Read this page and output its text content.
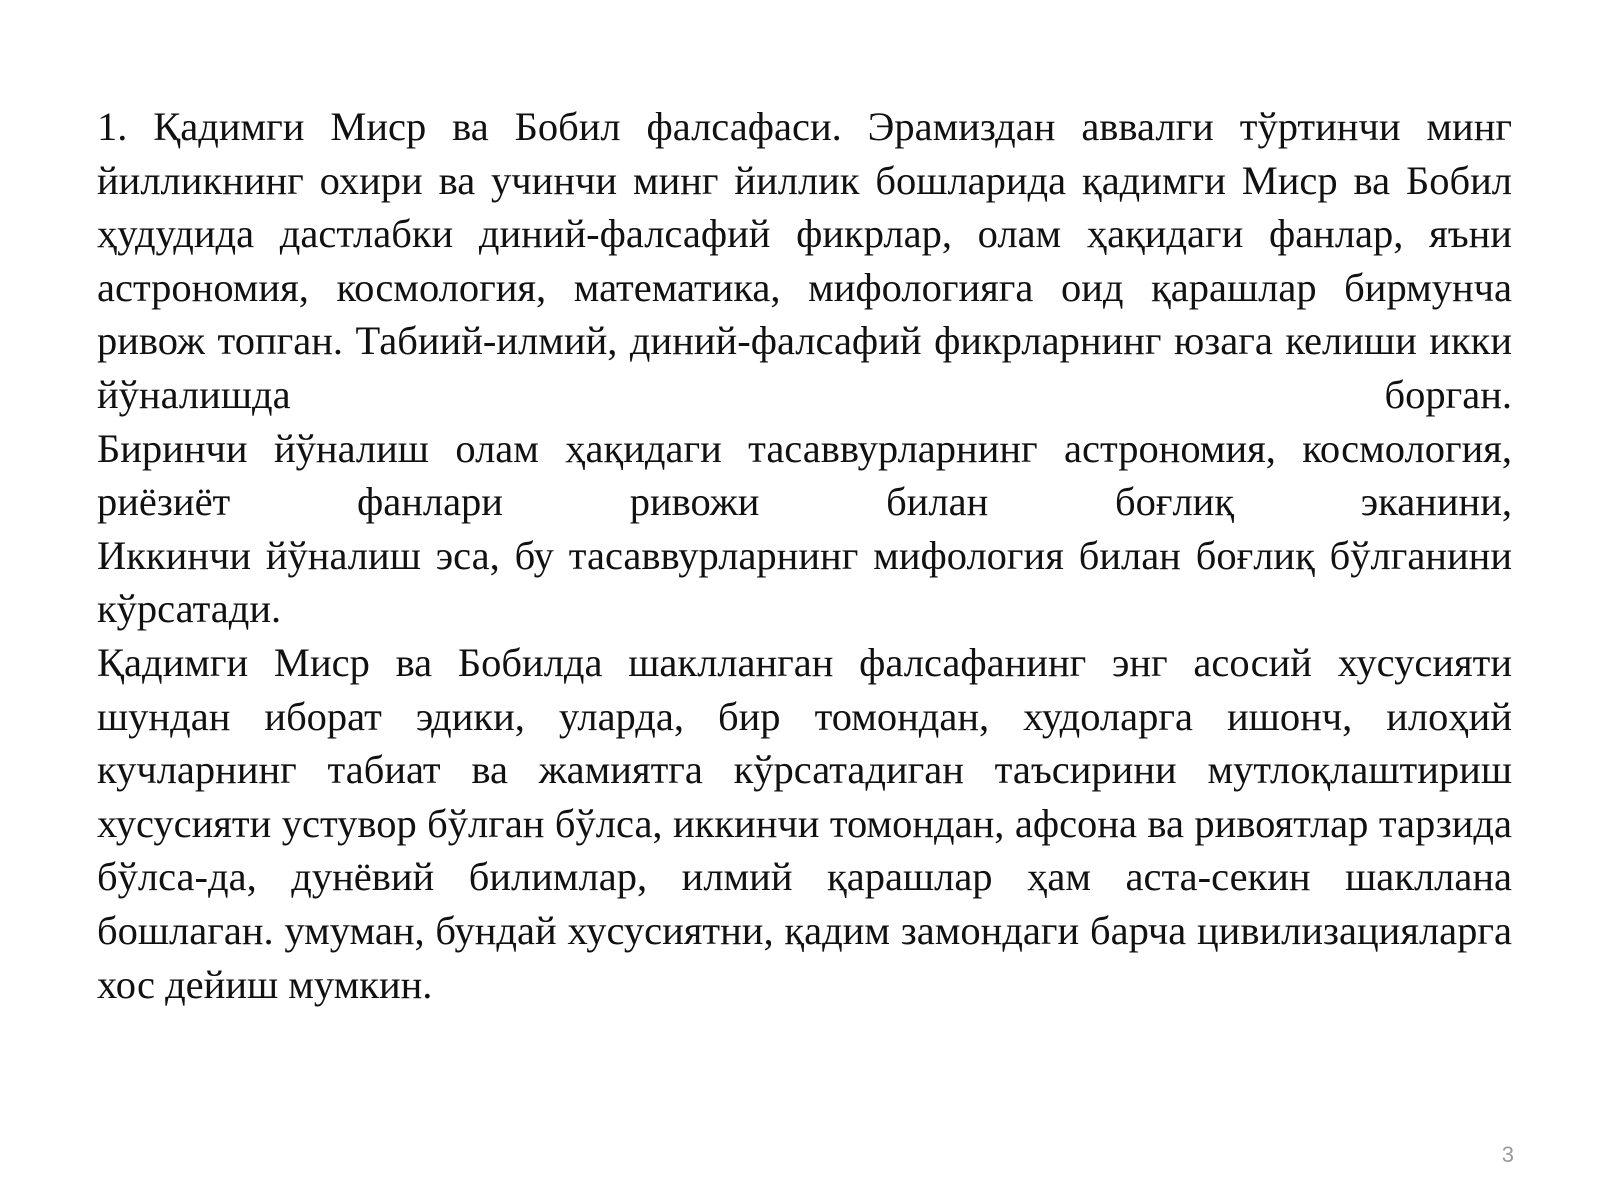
1. Қадимги Миср ва Бобил фалсафаси. Эрамиздан аввалги тўртинчи минг йилликнинг охири ва учинчи минг йиллик бошларида қадимги Миср ва Бобил ҳудудида дастлабки диний-фалсафий фикрлар, олам ҳақидаги фанлар, яъни астрономия, космология, математика, мифологияга оид қарашлар бирмунча ривож топган. Табиий-илмий, диний-фалсафий фикрларнинг юзага келиши икки йўналишда борган.

Биринчи йўналиш олам ҳақидаги тасаввурларнинг астрономия, космология, риёзиёт фанлари ривожи билан боғлиқ эканини,

Иккинчи йўналиш эса, бу тасаввурларнинг мифология билан боғлиқ бўлганини кўрсатади.

Қадимги Миср ва Бобилда шаклланган фалсафанинг энг асосий хусусияти шундан иборат эдики, уларда, бир томондан, худоларга ишонч, илоҳий кучларнинг табиат ва жамиятга кўрсатадиган таъсирини мутлоқлаштириш хусусияти устувор бўлган бўлса, иккинчи томондан, афсона ва ривоятлар тарзида бўлса-да, дунёвий билимлар, илмий қарашлар ҳам аста-секин шакллана бошлаган. умуман, бундай хусусиятни, қадим замондаги барча цивилизацияларга хос дейиш мумкин.

3
